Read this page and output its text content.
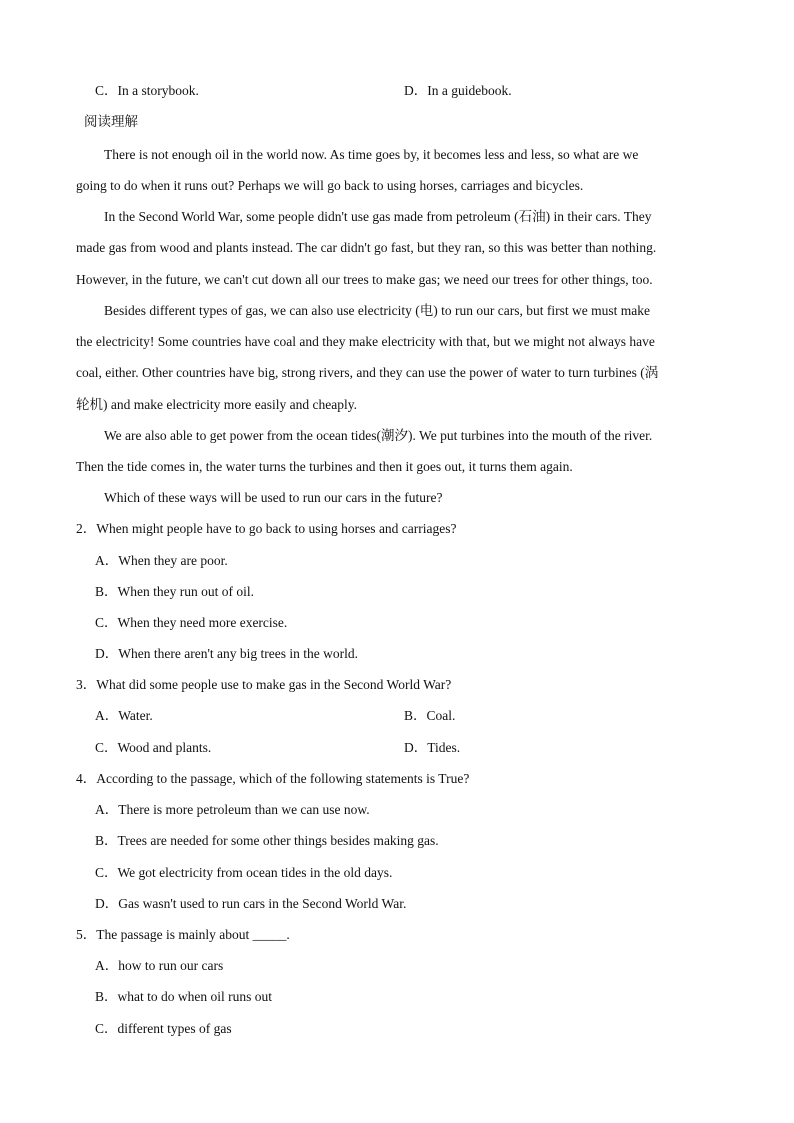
C．In a storybook.	D．In a guidebook.
阅读理解
There is not enough oil in the world now. As time goes by, it becomes less and less, so what are we
going to do when it runs out? Perhaps we will go back to using horses, carriages and bicycles.
In the Second World War, some people didn't use gas made from petroleum (石油) in their cars. They
made gas from wood and plants instead. The car didn't go fast, but they ran, so this was better than nothing.
However, in the future, we can't cut down all our trees to make gas; we need our trees for other things, too.
Besides different types of gas, we can also use electricity (电) to run our cars, but first we must make
the electricity! Some countries have coal and they make electricity with that, but we might not always have
coal, either. Other countries have big, strong rivers, and they can use the power of water to turn turbines (涡
轮机) and make electricity more easily and cheaply.
We are also able to get power from the ocean tides(潮汐). We put turbines into the mouth of the river.
Then the tide comes in, the water turns the turbines and then it goes out, it turns them again.
Which of these ways will be used to run our cars in the future?
2．When might people have to go back to using horses and carriages?
A．When they are poor.
B．When they run out of oil.
C．When they need more exercise.
D．When there aren't any big trees in the world.
3．What did some people use to make gas in the Second World War?
A．Water.	B．Coal.
C．Wood and plants.	D．Tides.
4．According to the passage, which of the following statements is True?
A．There is more petroleum than we can use now.
B．Trees are needed for some other things besides making gas.
C．We got electricity from ocean tides in the old days.
D．Gas wasn't used to run cars in the Second World War.
5．The passage is mainly about _____.
A．how to run our cars
B．what to do when oil runs out
C．different types of gas
